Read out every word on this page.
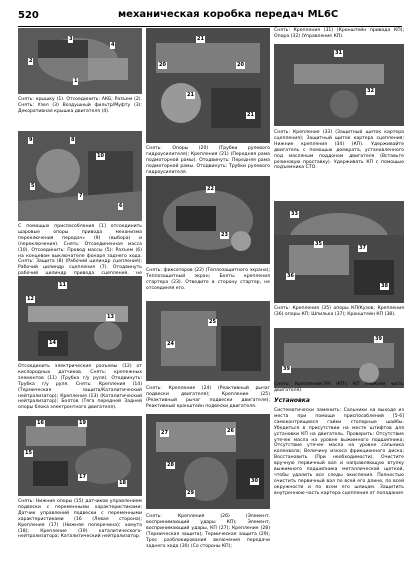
520	механическая коробка передач ML6C
3
4
2
1

Снять: крышку (1). Отсоединить: АКБ; Разъем (2). Снять: Узел (3) Воздушный фильтр/Муфту (3): Декоративная крышка двигателя (4).

9	8
10
5
7
6

С помощью приспособления [1] отсоединить шаровые опоры привода механизма переключения передач» (9) (выбора) и (переключения). Снять: Отсоединенная масса (10). Отсоединить: Провод массы (5): Разъем (6) на концевом выключателе фонаря заднего хода. Снять: Защита (8) (Рабочий цилиндр сцепления); Рабочий цилиндр сцепления (7). Отодвинуть рабочий цилиндр привода сцепления, не

11
12
13
14

Отсоединить электрические разъемы (12) от кислородных датчиков. Снять: крепежных элементов (11) (Трубка г/у руля). Отодвинуть: Трубка г/у руля. Снять: Крепления (14) (Термическая защита/Каталитический нейтрализатор); Крепления (13) (Каталитический нейтрализатор); Болтов (Тяга передней Задней опоры блока электронтного двигателя).

16	19
15
17
18

Снять: Нижние опоры (15) датчиков управлением подвески с переменными характеристиками; Датчик управлений подвески с переменными характеристиками (16 (Левая сторона); Крепления (17) (Нижняя поперечина); хомута (18); Крепление (19) каталитического-нейтрализатора; Каталитический нейтрализатор.

21
20	20
21
21

Снять: Опоры (20) (Трубки рулевого гидроусилителя); Крепления (21) (Передняя рама подмоторной рамы). Отодвинуть: Передняя рама подмоторной рамы. Отодвинуть: Трубки рулевого гидроусилителя.

22
23

Снять: фиксаторов (22) (Теплозащитного экрана); Теплозащитный экран; Болты крепления стартера (23). Отведите в сторону стартер, не отсоединяя его.

24
25

Снять: Крепление (24) (Реактивный рычаг подвески двигателя); Крепление (25) (Реактивный рычаг подвески двигателя); Реактивный кронштейн подвески двигателя.

27	26
28
29
30

Снять: Крепления (26) (Элемент, воспринимающий удары КП); Элемент, воспринимающий удары, КП (27); Крепление (28) (Термическая защита); Термическая защита (29); Трос разблокирования включения передачи заднего хода (30) (Со стороны КП);

Снять: Крепления (31) (Кронштейн привода КП); Опора (32) (Управление КП).

31
32

Снять: Крепления (33) (Защитный щиток картера сцепления); Защитный щиток картера сцепления; Нижние крепления (34) (КП). Удерживайте двигатель с помощью домкрата, установленного под масляным поддоном двигателя (Вставьте резиновую проставку). Удерживать КП с помощью подъемника СТО.

33
35
36
37
38

Снять: Крепления (35) опоры КП/Кузов; Крепления (36) опоры КП; Шпилька (37); Кронштейн КП (38).

39
39

Снять: Крепления(39) (КП); КП (Нижняя часть двигателя).

Установка

Систематически заменить: Сальники на выходе из места при помощи приспособлений [5-6] самоконтрящиеся гайки стопорные шайбы. Убедиться в присутствии на месте штифтов для установки КП на двигатель. Проверить: Отсутствие утечек масла на уровне выжимного подшипника; Отсутствие утечек масла на уровне сальника коленвала; Величину износа фрикционного диска; Восстановить (При необходимости). Очистите вручную первичный вал и направляющую втулку выжимного подшипника металлической щеткой, чтобы удалить все следы окисления. Полностью очистить первичный вал по всей его длине, по всей окружности и по всем его шлицам. Защитить внутреннюю часть картера сцепления от попадания
